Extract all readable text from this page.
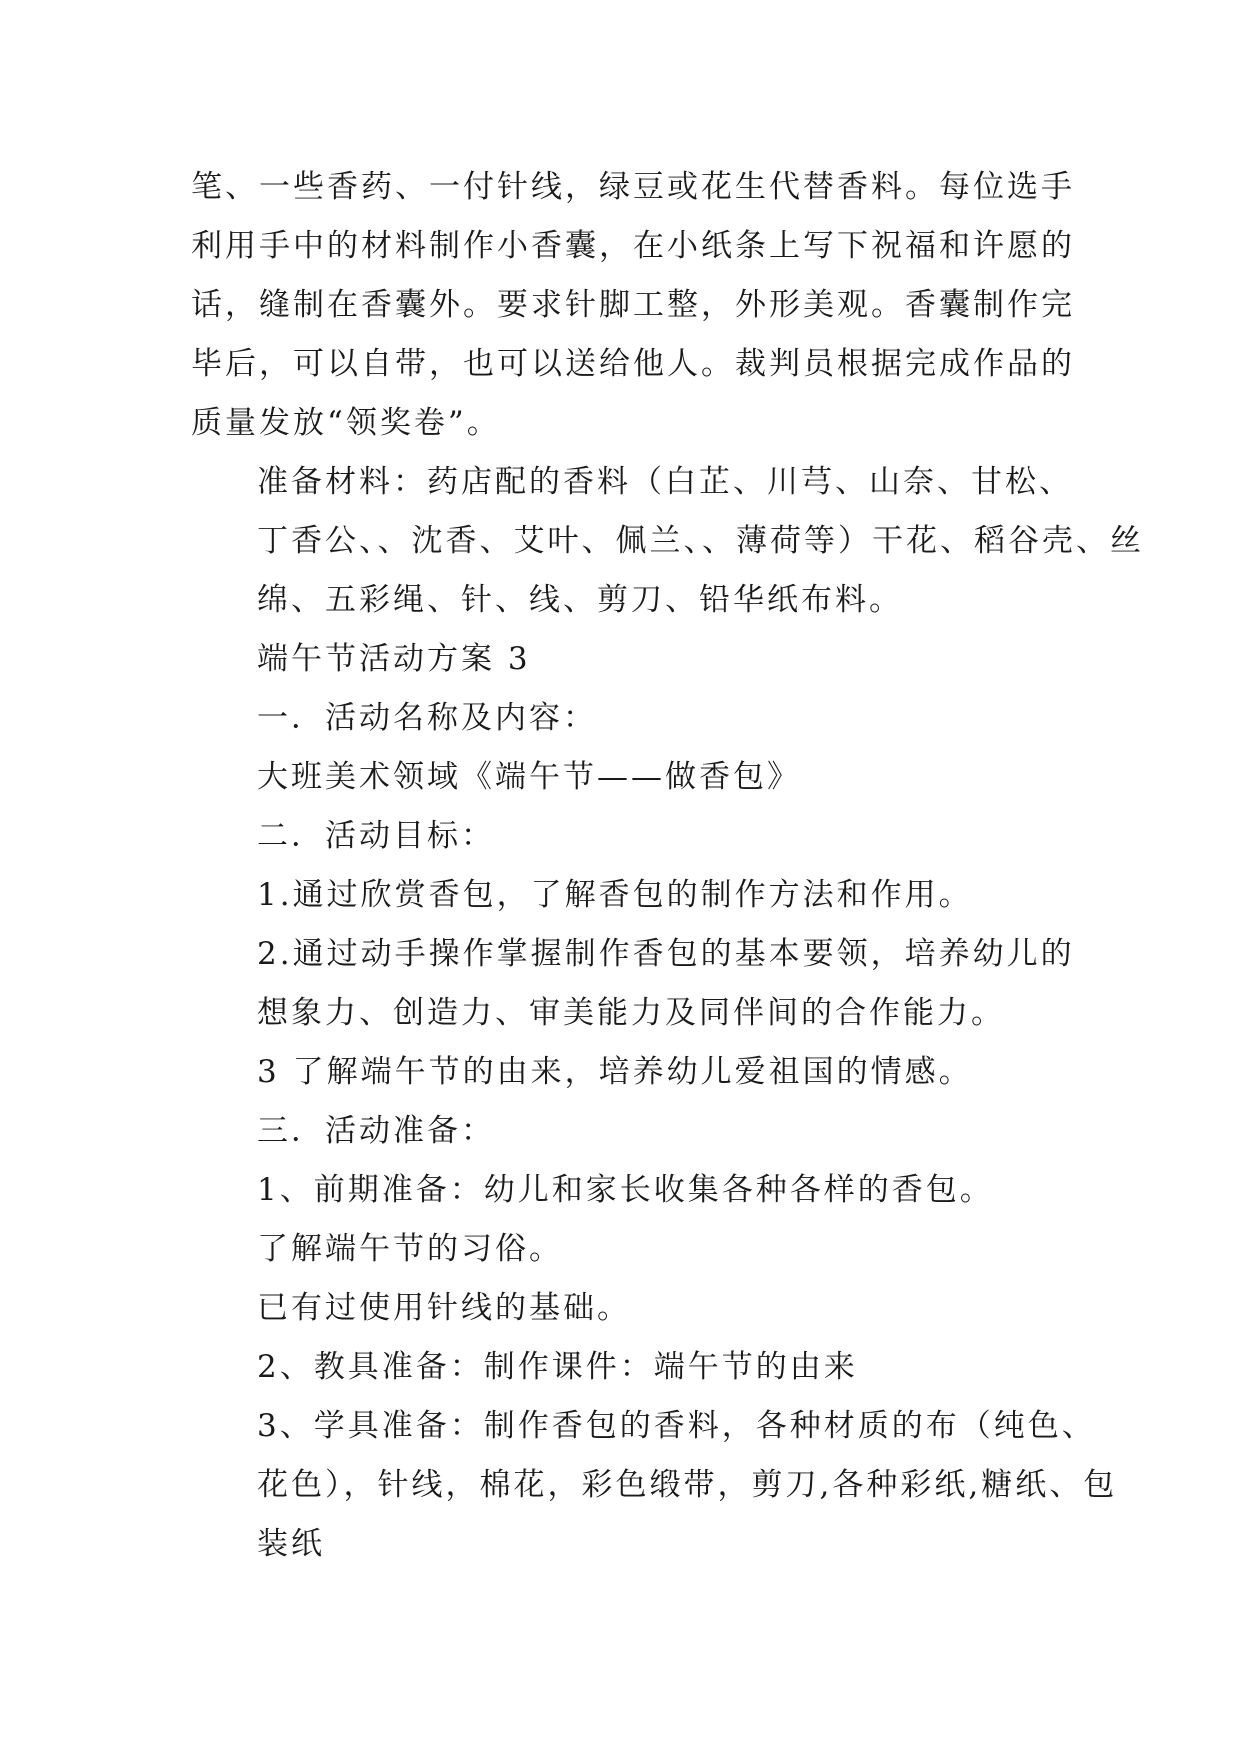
笔、一些香药、一付针线，绿豆或花生代替香料。每位选手
利用手中的材料制作小香囊，在小纸条上写下祝福和许愿的
话，缝制在香囊外。要求针脚工整，外形美观。香囊制作完
毕后，可以自带，也可以送给他人。裁判员根据完成作品的
质量发放“领奖卷”。
准备材料：药店配的香料（白芷、川芎、山奈、甘松、
丁香公、、沈香、艾叶、佩兰、、薄荷等）干花、稻谷壳、丝
绵、五彩绳、针、线、剪刀、铅华纸布料。
端午节活动方案 3
一．活动名称及内容：
大班美术领域《端午节——做香包》
二．活动目标：
1.通过欣赏香包，了解香包的制作方法和作用。
2.通过动手操作掌握制作香包的基本要领，培养幼儿的
想象力、创造力、审美能力及同伴间的合作能力。
3 了解端午节的由来，培养幼儿爱祖国的情感。
三．活动准备：
1、前期准备：幼儿和家长收集各种各样的香包。
了解端午节的习俗。
已有过使用针线的基础。
2、教具准备：制作课件：端午节的由来
3、学具准备：制作香包的香料，各种材质的布（纯色、
花色），针线，棉花，彩色缎带，剪刀,各种彩纸,糖纸、包
装纸
